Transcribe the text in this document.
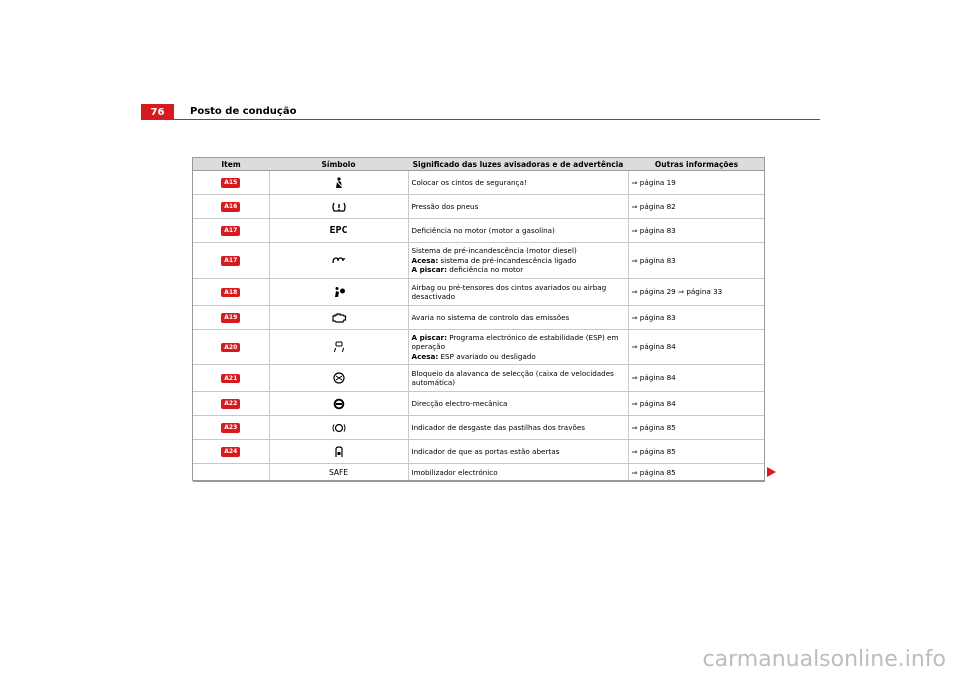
76	Posto de condução
Item	Símbolo	Significado das luzes avisadoras e de advertência	Outras informações
A15		Colocar os cintos de segurança!	⇒ página 19
A16		Pressão dos pneus	⇒ página 82
A17	EPC	Deficiência no motor (motor a gasolina)	⇒ página 83
A17		Sistema de pré-incandescência (motor diesel)
Acesa: sistema de pré-incandescência ligado
A piscar: deficiência no motor	⇒ página 83
A18		Airbag ou pré-tensores dos cintos avariados ou airbag desactivado	⇒ página 29 ⇒ página 33
A19		Avaria no sistema de controlo das emissões	⇒ página 83
A20		A piscar: Programa electrónico de estabilidade (ESP) em operação
Acesa: ESP avariado ou desligado	⇒ página 84
A21		Bloqueio da alavanca de selecção (caixa de velocidades automática)	⇒ página 84
A22		Direcção electro-mecânica	⇒ página 84
A23		Indicador de desgaste das pastilhas dos travões	⇒ página 85
A24		Indicador de que as portas estão abertas	⇒ página 85
	SAFE	Imobilizador electrónico	⇒ página 85
carmanualsonline.info
